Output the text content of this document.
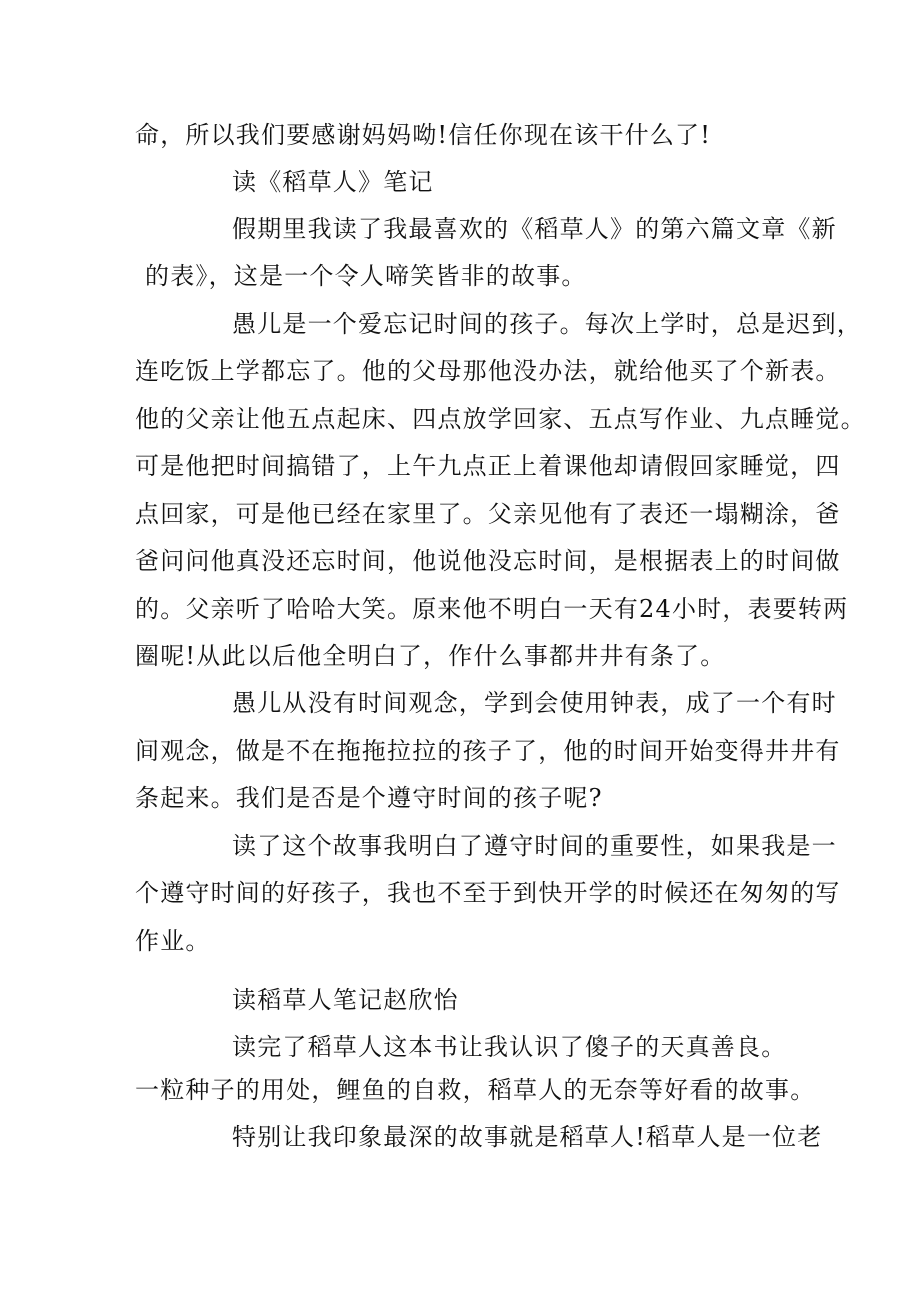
命，所以我们要感谢妈妈呦!信任你现在该干什么了!
读《稻草人》笔记
假期里我读了我最喜欢的《稻草人》的第六篇文章《新
的表》，这是一个令人啼笑皆非的故事。
愚儿是一个爱忘记时间的孩子。每次上学时，总是迟到，
连吃饭上学都忘了。他的父母那他没办法，就给他买了个新表。
他的父亲让他五点起床、四点放学回家、五点写作业、九点睡觉。
可是他把时间搞错了，上午九点正上着课他却请假回家睡觉，四
点回家，可是他已经在家里了。父亲见他有了表还一塌糊涂，爸
爸问问他真没还忘时间，他说他没忘时间，是根据表上的时间做
的。父亲听了哈哈大笑。原来他不明白一天有24小时，表要转两
圈呢!从此以后他全明白了，作什么事都井井有条了。
愚儿从没有时间观念，学到会使用钟表，成了一个有时
间观念，做是不在拖拖拉拉的孩子了，他的时间开始变得井井有
条起来。我们是否是个遵守时间的孩子呢?
读了这个故事我明白了遵守时间的重要性，如果我是一
个遵守时间的好孩子，我也不至于到快开学的时候还在匆匆的写
作业。
读稻草人笔记赵欣怡
读完了稻草人这本书让我认识了傻子的天真善良。
一粒种子的用处，鲤鱼的自救，稻草人的无奈等好看的故事。
特别让我印象最深的故事就是稻草人!稻草人是一位老
